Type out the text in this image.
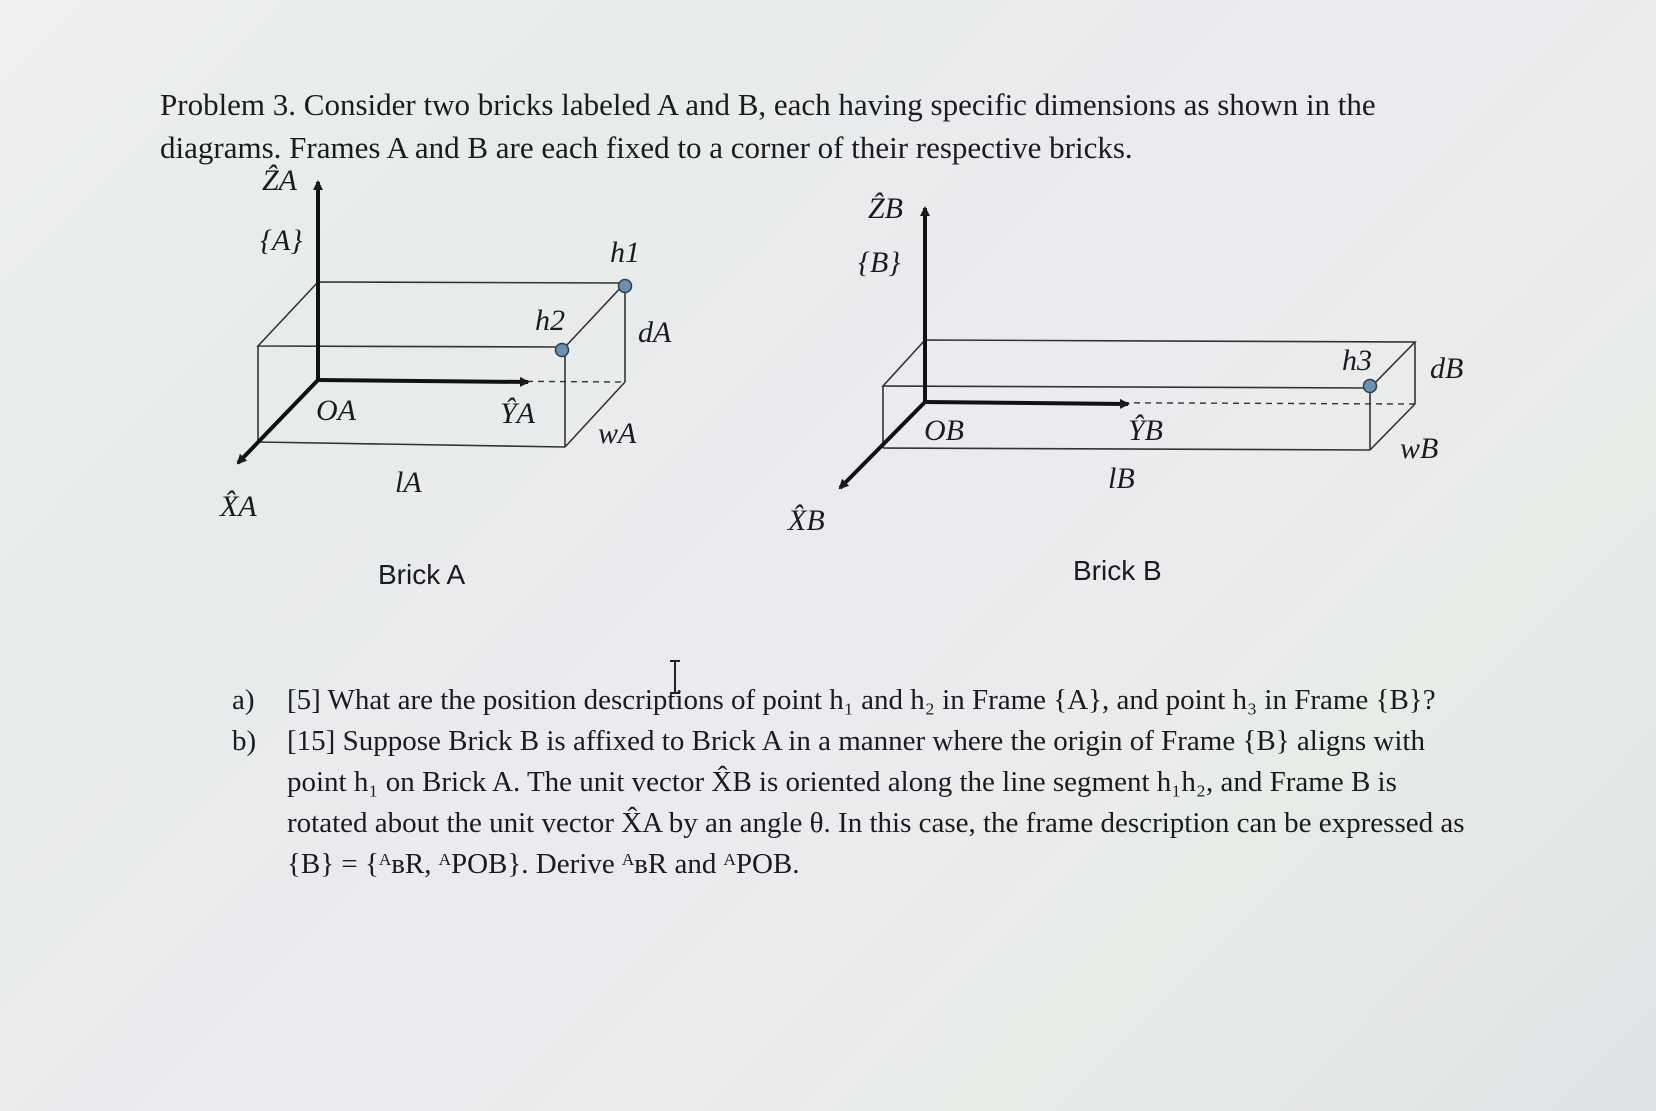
Problem 3. Consider two bricks labeled A and B, each having specific dimensions as shown in the diagrams. Frames A and B are each fixed to a corner of their respective bricks.

ẐA
{A}	h1
h2 dA
OA	ŶA
wA
lA
X̂A
Brick A
ẐB
{B}
h3 dB
OB	ŶB
wB
lB
X̂B
Brick B
a) [5] What are the position descriptions of point h₁ and h₂ in Frame {A}, and point h₃ in Frame {B}?
b) [15] Suppose Brick B is affixed to Brick A in a manner where the origin of Frame {B} aligns with point h₁ on Brick A. The unit vector X̂B is oriented along the line segment h₁h₂, and Frame B is rotated about the unit vector X̂A by an angle θ. In this case, the frame description can be expressed as {B} = {ᴬʙR, ᴬPOB}. Derive ᴬʙR and ᴬPOB.
